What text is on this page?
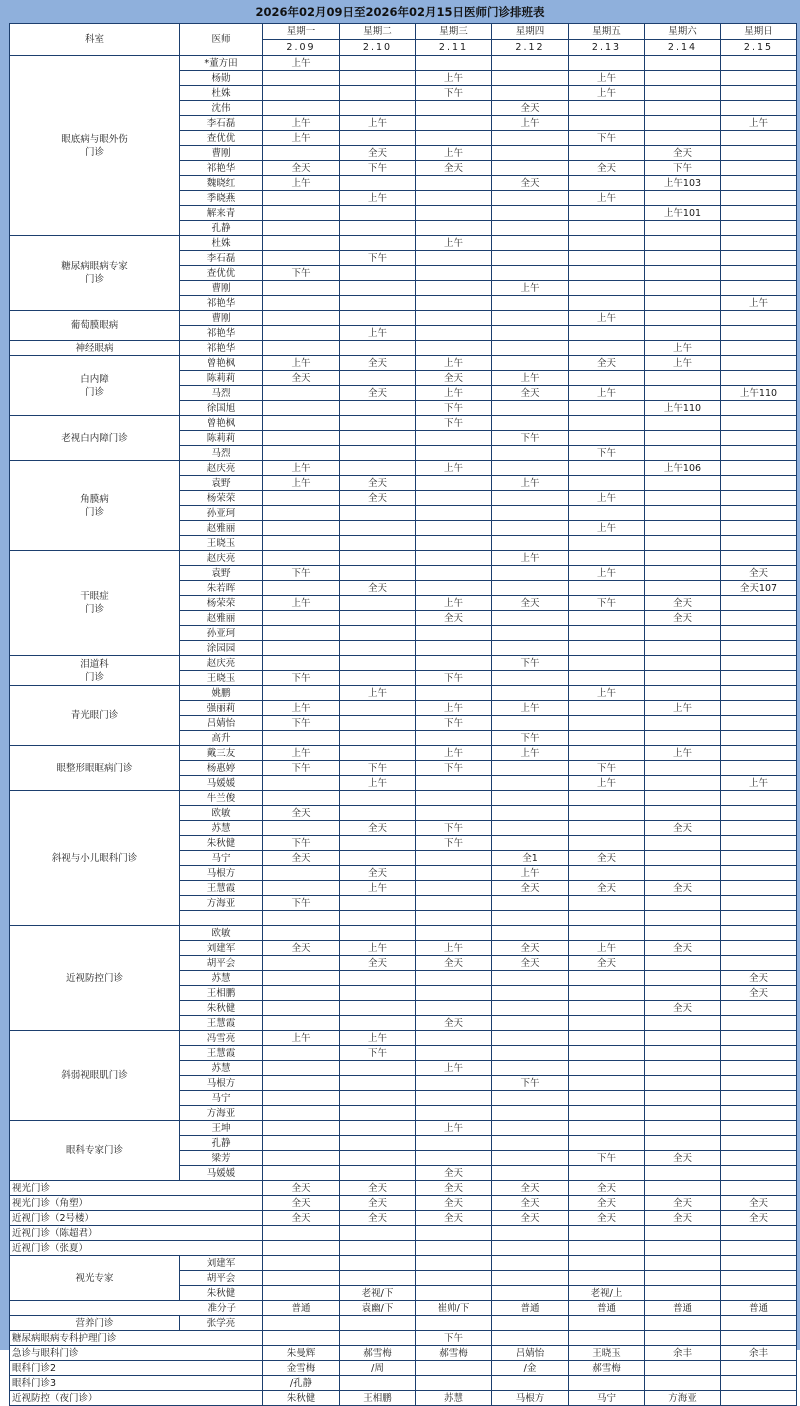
2026年02月09日至2026年02月15日医师门诊排班表
科室	医师	星期一	星期二	星期三	星期四	星期五	星期六	星期日
		2.09	2.10	2.11	2.12	2.13	2.14	2.15
眼底病与眼外伤
门诊	*董方田	上午						
	杨勋			上午		上午		
	杜姝			下午		上午		
	沈伟				全天			
	李石磊	上午	上午		上午			上午
	查优优	上午				下午		
	曹刚		全天	上午			全天	
	祁艳华	全天	下午	全天		全天	下午	
	魏晓红	上午			全天		上午103	
	季晓燕		上午			上午		
	解来青						上午101	
	孔静							
糖尿病眼病专家
门诊	杜姝			上午				
	李石磊		下午					
	查优优	下午						
	曹刚				上午			
	祁艳华							上午
葡萄膜眼病	曹刚					上午		
	祁艳华		上午					
神经眼病	祁艳华						上午	
白内障
门诊	曾艳枫	上午	全天	上午		全天	上午	
	陈莉莉	全天		全天	上午			
	马烈		全天	上午	全天	上午		上午110
	徐国旭			下午			上午110	
老视白内障门诊	曾艳枫			下午				
	陈莉莉				下午			
	马烈					下午		
角膜病
门诊	赵庆亮	上午		上午			上午106	
	袁野	上午	全天		上午			
	杨荣荣		全天			上午		
	孙亚珂							
	赵雅丽					上午		
	王晓玉							
干眼症
门诊	赵庆亮				上午			
	袁野	下午				上午		全天
	朱若晖		全天					全天107
	杨荣荣	上午		上午	全天	下午	全天	
	赵雅丽			全天			全天	
	孙亚珂							
	涂园园							
泪道科
门诊	赵庆亮				下午			
	王晓玉	下午		下午				
青光眼门诊	姚鹏		上午			上午		
	强丽莉	上午		上午	上午		上午	
	吕婧怡	下午		下午				
	高升				下午			
眼整形眼眶病门诊	戴三友	上午		上午	上午		上午	
	杨惠婷	下午	下午	下午		下午		
	马媛媛		上午			上午		上午
斜视与小儿眼科门诊	牛兰俊							
	欧敏	全天						
	苏慧		全天	下午			全天	
	朱秋健	下午		下午				
	马宁	全天			全1	全天		
	马根方		全天		上午			
	王慧霞		上午		全天	全天	全天	
	方海亚	下午						

近视防控门诊	欧敏							
	刘建军	全天	上午	上午	全天	上午	全天	
	胡平会		全天	全天	全天	全天		
	苏慧							全天
	王相鹏							全天
	朱秋健						全天	
	王慧霞			全天				
斜弱视眼肌门诊	冯雪亮	上午	上午					
	王慧霞		下午					
	苏慧			上午				
	马根方				下午			
	马宁							
	方海亚							
眼科专家门诊	王坤			上午				
	孔静							
	梁芳					下午	全天	
	马媛媛			全天				
视光门诊		全天	全天	全天	全天	全天		
视光门诊（角塑）		全天	全天	全天	全天	全天	全天	全天
近视门诊（2号楼）		全天	全天	全天	全天	全天	全天	全天
近视门诊（陈超君）								
近视门诊（张夏）								
视光专家	刘建军							
	胡平会							
	朱秋健		老视/下			老视/上		
准分子		普通	袁幽/下	崔帅/下	普通	普通	普通	普通
营养门诊	张学亮							
糖尿病眼病专科护理门诊				下午				
急诊与眼科门诊		朱曼辉	郝雪梅	郝雪梅	吕婧怡	王晓玉	余丰	余丰
眼科门诊2		金雪梅	/周		/金	郝雪梅		
眼科门诊3		/孔静						
近视防控（夜门诊）		朱秋健	王相鹏	苏慧	马根方	马宁	方海亚	
